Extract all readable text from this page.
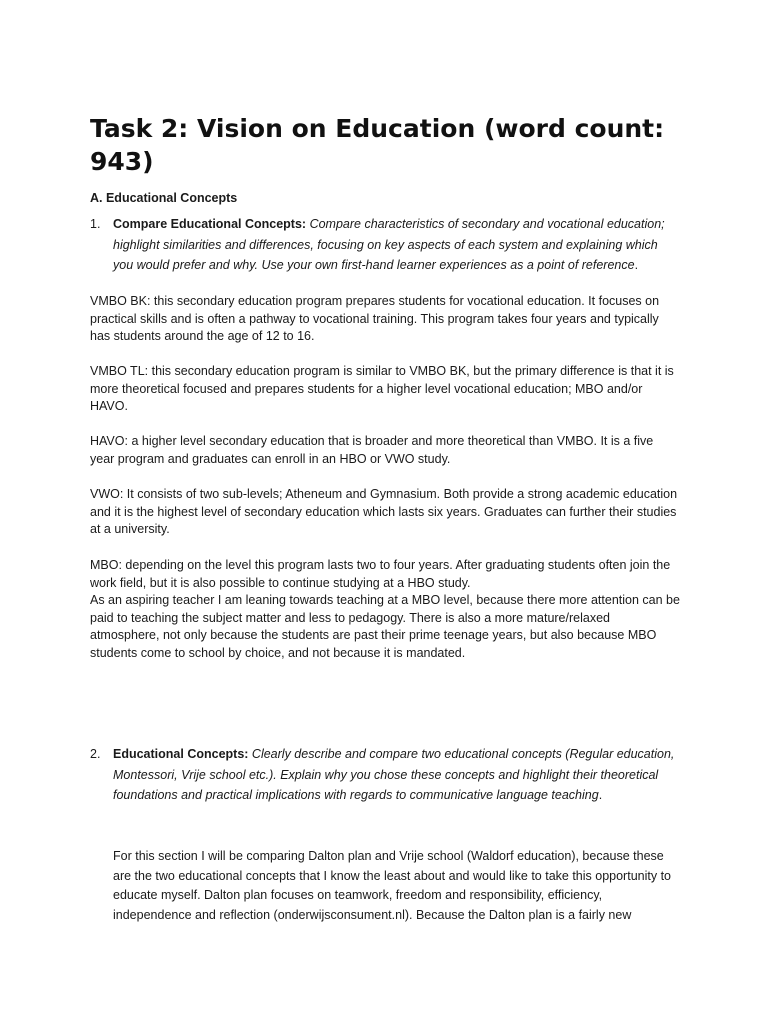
Task 2: Vision on Education (word count: 943)

A. Educational Concepts

1. Compare Educational Concepts: Compare characteristics of secondary and vocational education; highlight similarities and differences, focusing on key aspects of each system and explaining which you would prefer and why. Use your own first-hand learner experiences as a point of reference.

VMBO BK: this secondary education program prepares students for vocational education. It focuses on practical skills and is often a pathway to vocational training. This program takes four years and typically has students around the age of 12 to 16.

VMBO TL: this secondary education program is similar to VMBO BK, but the primary difference is that it is more theoretical focused and prepares students for a higher level vocational education; MBO and/or HAVO.

HAVO: a higher level secondary education that is broader and more theoretical than VMBO. It is a five year program and graduates can enroll in an HBO or VWO study.

VWO: It consists of two sub-levels; Atheneum and Gymnasium. Both provide a strong academic education and it is the highest level of secondary education which lasts six years. Graduates can further their studies at a university.

MBO: depending on the level this program lasts two to four years. After graduating students often join the work field, but it is also possible to continue studying at a HBO study.

As an aspiring teacher I am leaning towards teaching at a MBO level, because there more attention can be paid to teaching the subject matter and less to pedagogy. There is also a more mature/relaxed atmosphere, not only because the students are past their prime teenage years, but also because MBO students come to school by choice, and not because it is mandated.

2. Educational Concepts: Clearly describe and compare two educational concepts (Regular education, Montessori, Vrije school etc.). Explain why you chose these concepts and highlight their theoretical foundations and practical implications with regards to communicative language teaching.

For this section I will be comparing Dalton plan and Vrije school (Waldorf education), because these are the two educational concepts that I know the least about and would like to take this opportunity to educate myself. Dalton plan focuses on teamwork, freedom and responsibility, efficiency, independence and reflection (onderwijsconsument.nl). Because the Dalton plan is a fairly new
